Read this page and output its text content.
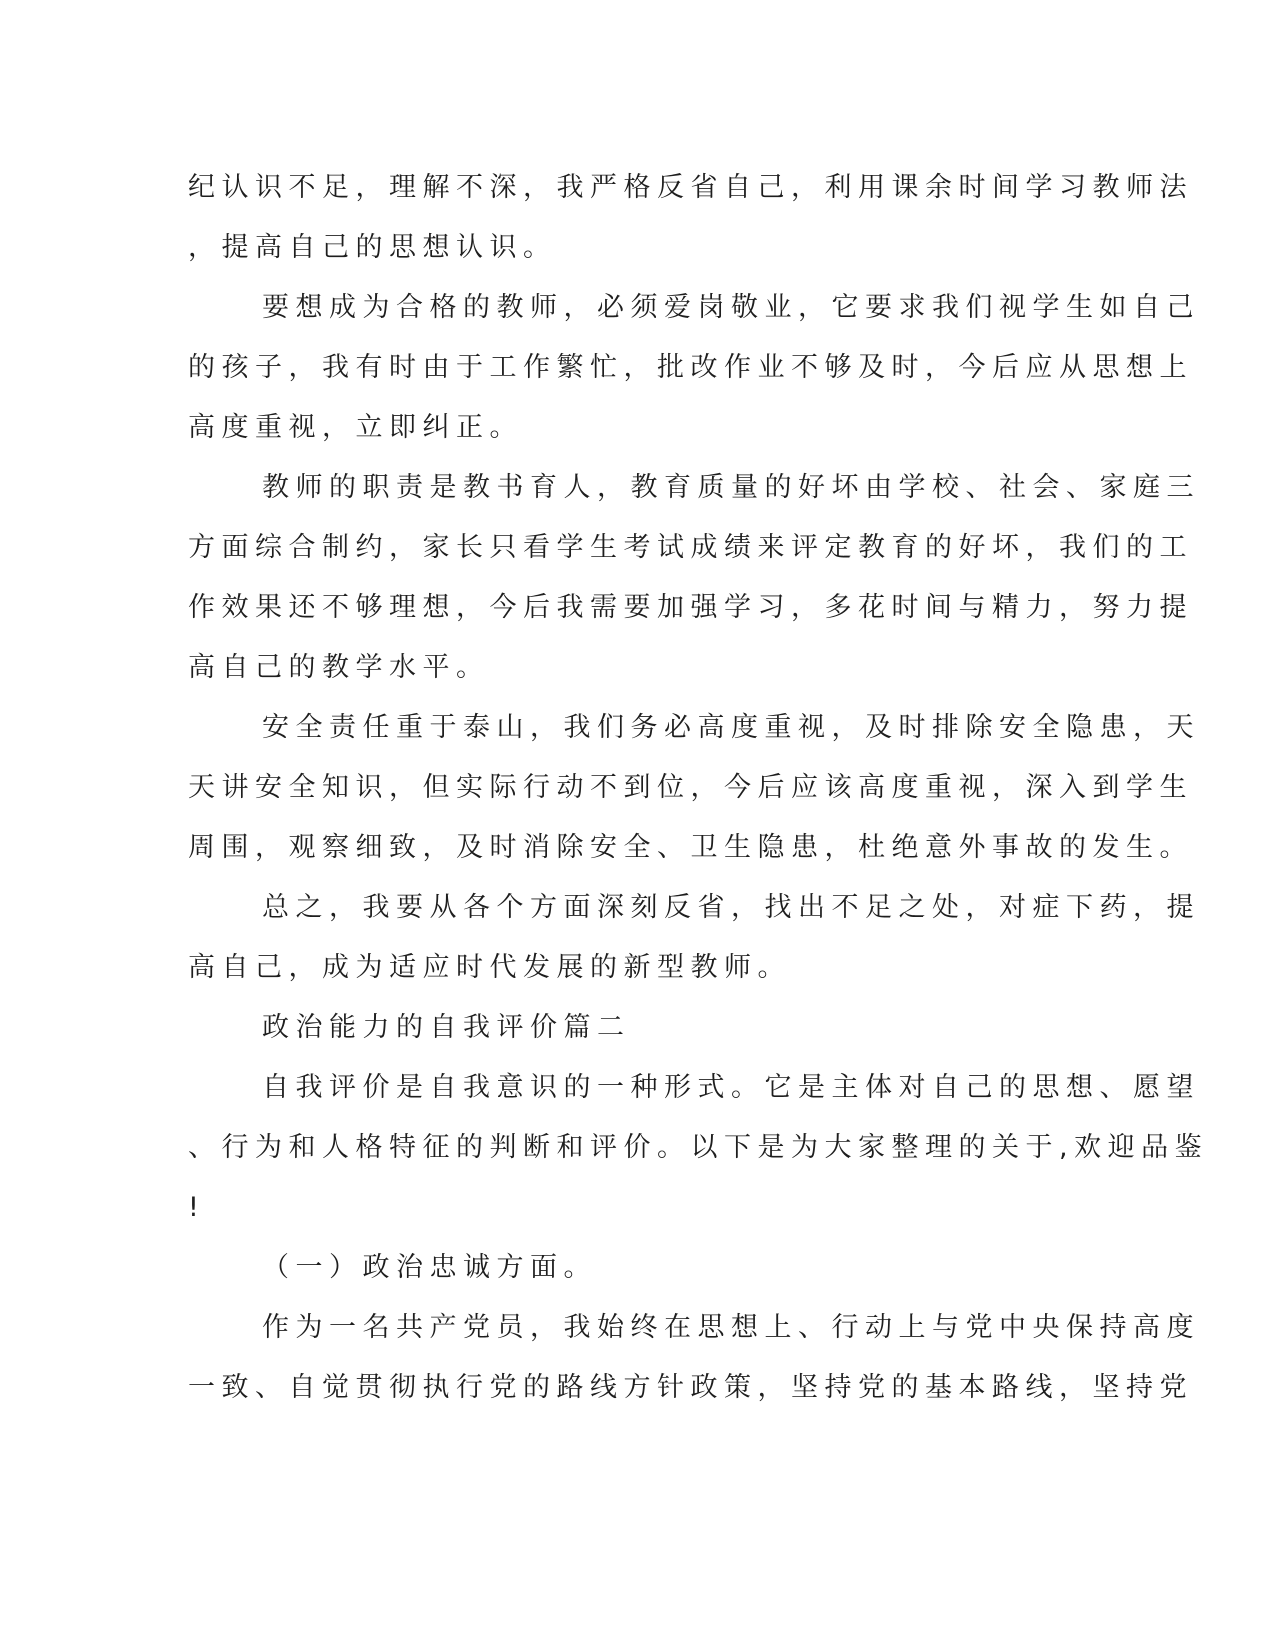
纪认识不足，理解不深，我严格反省自己，利用课余时间学习教师法
，提高自己的思想认识。
要想成为合格的教师，必须爱岗敬业，它要求我们视学生如自己
的孩子，我有时由于工作繁忙，批改作业不够及时，今后应从思想上
高度重视，立即纠正。
教师的职责是教书育人，教育质量的好坏由学校、社会、家庭三
方面综合制约，家长只看学生考试成绩来评定教育的好坏，我们的工
作效果还不够理想，今后我需要加强学习，多花时间与精力，努力提
高自己的教学水平。
安全责任重于泰山，我们务必高度重视，及时排除安全隐患，天
天讲安全知识，但实际行动不到位，今后应该高度重视，深入到学生
周围，观察细致，及时消除安全、卫生隐患，杜绝意外事故的发生。
总之，我要从各个方面深刻反省，找出不足之处，对症下药，提
高自己，成为适应时代发展的新型教师。
政治能力的自我评价篇二
自我评价是自我意识的一种形式。它是主体对自己的思想、愿望
、行为和人格特征的判断和评价。以下是为大家整理的关于,欢迎品鉴
!
（一）政治忠诚方面。
作为一名共产党员，我始终在思想上、行动上与党中央保持高度
一致、自觉贯彻执行党的路线方针政策，坚持党的基本路线，坚持党
